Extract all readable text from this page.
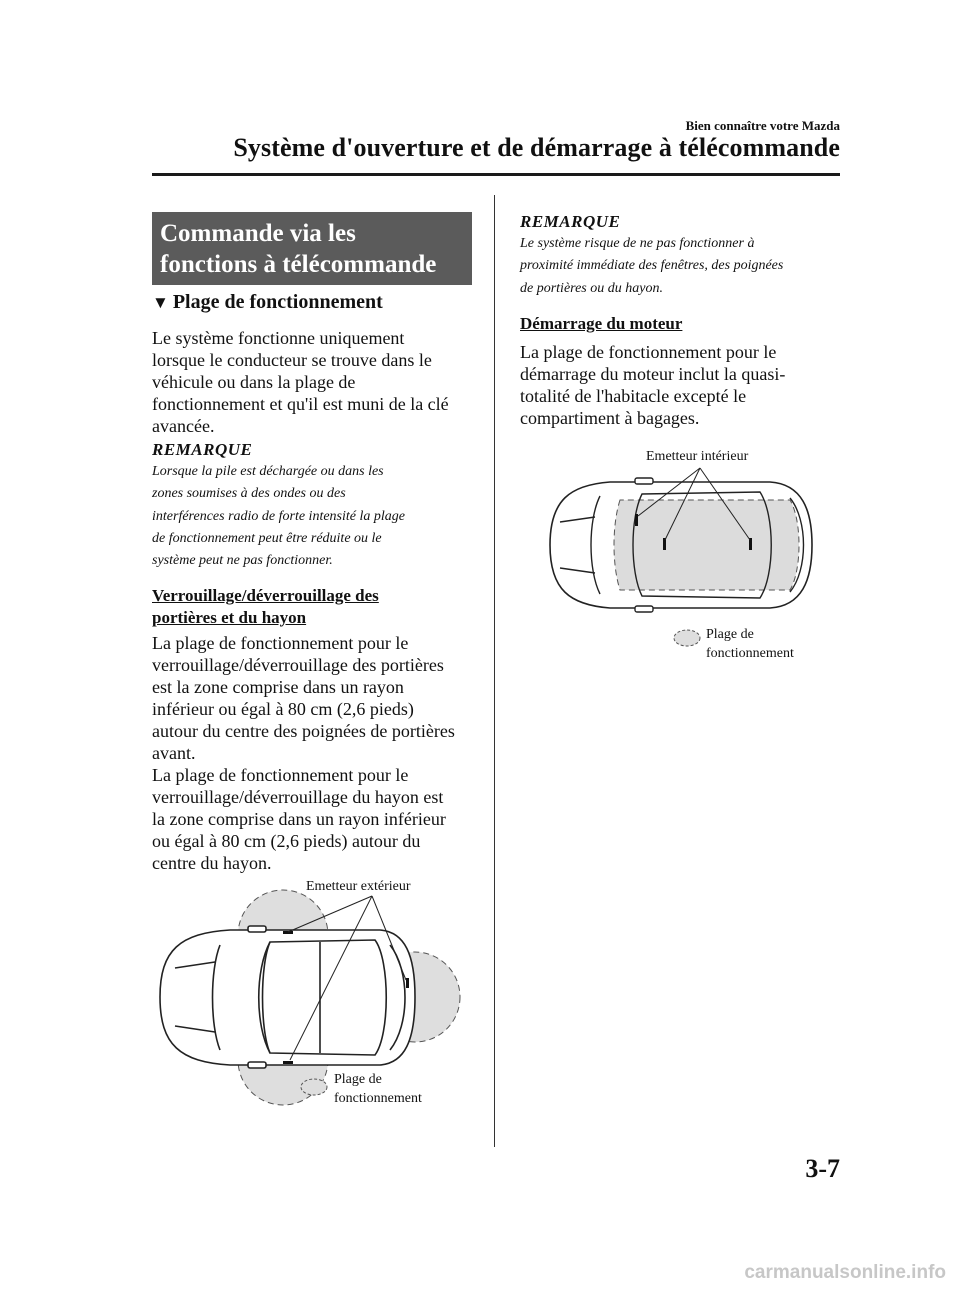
Bien connaître votre Mazda
Système d'ouverture et de démarrage à télécommande
Commande via les
fonctions à télécommande
▼ Plage de fonctionnement
Le système fonctionne uniquement
lorsque le conducteur se trouve dans le
véhicule ou dans la plage de
fonctionnement et qu'il est muni de la clé
avancée.
REMARQUE
Lorsque la pile est déchargée ou dans les
zones soumises à des ondes ou des
interférences radio de forte intensité la plage
de fonctionnement peut être réduite ou le
système peut ne pas fonctionner.
Verrouillage/déverrouillage des
portières et du hayon
La plage de fonctionnement pour le
verrouillage/déverrouillage des portières
est la zone comprise dans un rayon
inférieur ou égal à 80 cm (2,6 pieds)
autour du centre des poignées de portières
avant.
La plage de fonctionnement pour le
verrouillage/déverrouillage du hayon est
la zone comprise dans un rayon inférieur
ou égal à 80 cm (2,6 pieds) autour du
centre du hayon.
Emetteur extérieur
Plage de
fonctionnement
REMARQUE
Le système risque de ne pas fonctionner à
proximité immédiate des fenêtres, des poignées
de portières ou du hayon.
Démarrage du moteur
La plage de fonctionnement pour le
démarrage du moteur inclut la quasi-
totalité de l'habitacle excepté le
compartiment à bagages.
Emetteur intérieur
Plage de
fonctionnement
3-7
carmanualsonline.info
